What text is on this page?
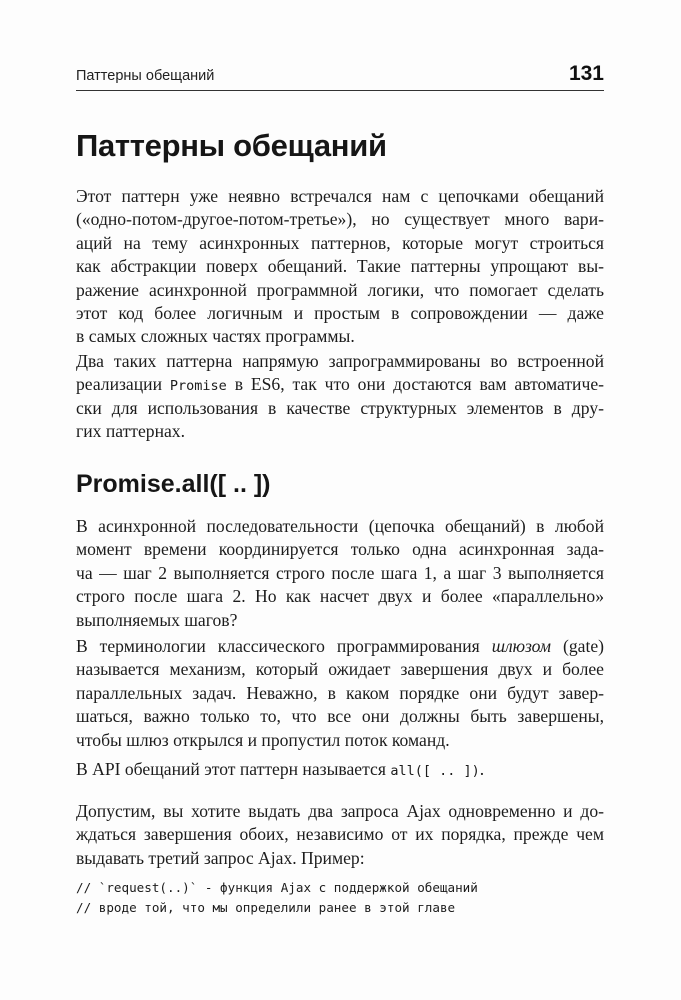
Паттерны обещаний	131
Паттерны обещаний
Этот паттерн уже неявно встречался нам с цепочками обещаний
(«одно-потом-другое-потом-третье»), но существует много вари-
аций на тему асинхронных паттернов, которые могут строиться
как абстракции поверх обещаний. Такие паттерны упрощают вы-
ражение асинхронной программной логики, что помогает сделать
этот код более логичным и простым в сопровождении — даже
в самых сложных частях программы.
Два таких паттерна напрямую запрограммированы во встроенной
реализации Promise в ES6, так что они достаются вам автоматиче-
ски для использования в качестве структурных элементов в дру-
гих паттернах.
Promise.all([ .. ])
В асинхронной последовательности (цепочка обещаний) в любой
момент времени координируется только одна асинхронная зада-
ча — шаг 2 выполняется строго после шага 1, а шаг 3 выполняется
строго после шага 2. Но как насчет двух и более «параллельно»
выполняемых шагов?
В терминологии классического программирования шлюзом (gate)
называется механизм, который ожидает завершения двух и более
параллельных задач. Неважно, в каком порядке они будут завер-
шаться, важно только то, что все они должны быть завершены,
чтобы шлюз открылся и пропустил поток команд.
В API обещаний этот паттерн называется all([ .. ]).
Допустим, вы хотите выдать два запроса Ajax одновременно и до-
ждаться завершения обоих, независимо от их порядка, прежде чем
выдавать третий запрос Ajax. Пример:
// `request(..)` - функция Ajax с поддержкой обещаний
// вроде той, что мы определили ранее в этой главе
